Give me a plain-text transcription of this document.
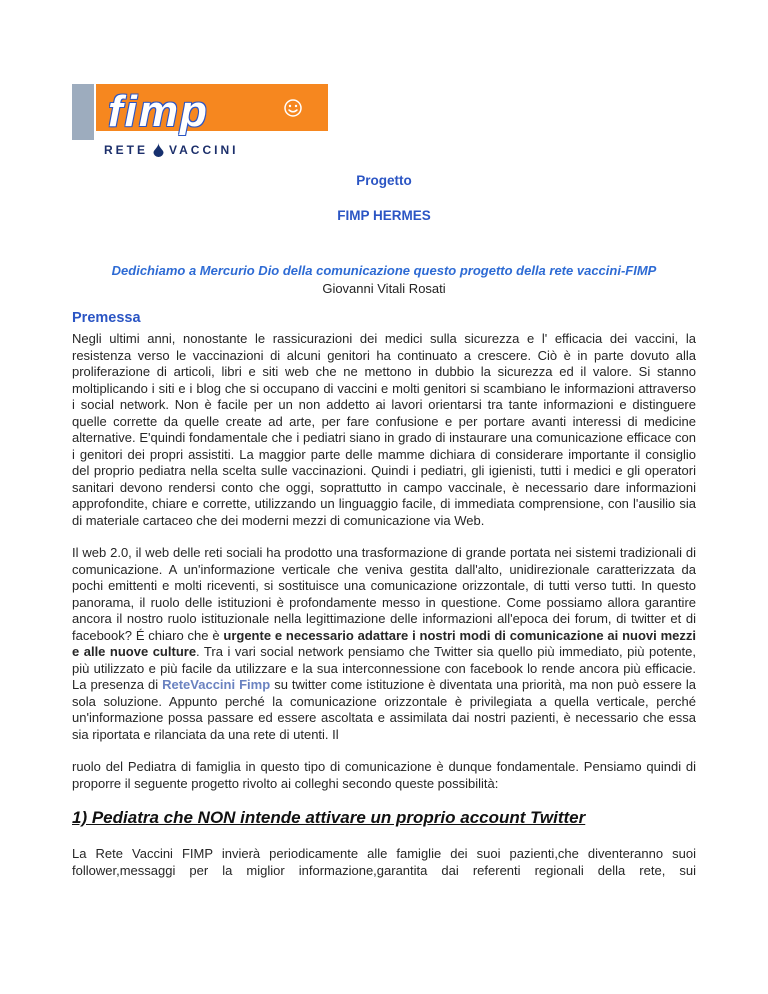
fimp
RETE VACCINI
Progetto
FIMP HERMES

Dedichiamo a Mercurio Dio della comunicazione questo progetto della rete vaccini-FIMP

Giovanni Vitali Rosati

Premessa

Negli ultimi anni, nonostante le rassicurazioni dei medici sulla sicurezza e l' efficacia dei vaccini, la resistenza verso le vaccinazioni di alcuni genitori ha continuato a crescere. Ciò è in parte dovuto alla proliferazione di articoli, libri e siti web che ne mettono in dubbio la sicurezza ed il valore. Si stanno moltiplicando i siti e i blog che si occupano di vaccini e molti genitori si scambiano le informazioni attraverso i social network. Non è facile per un non addetto ai lavori orientarsi tra tante informazioni e distinguere quelle corrette da quelle create ad arte, per fare confusione e per portare avanti interessi di medicine alternative. E'quindi fondamentale che i pediatri siano in grado di instaurare una comunicazione efficace con i genitori dei propri assistiti. La maggior parte delle mamme dichiara di considerare importante il consiglio del proprio pediatra nella scelta sulle vaccinazioni. Quindi i pediatri, gli igienisti, tutti i medici e gli operatori sanitari devono rendersi conto che oggi, soprattutto in campo vaccinale, è necessario dare informazioni approfondite, chiare e corrette, utilizzando un linguaggio facile, di immediata comprensione, con l'ausilio sia di materiale cartaceo che dei moderni mezzi di comunicazione via Web.

Il web 2.0, il web delle reti sociali ha prodotto una trasformazione di grande portata nei sistemi tradizionali di comunicazione. A un'informazione verticale che veniva gestita dall'alto, unidirezionale caratterizzata da pochi emittenti e molti riceventi, si sostituisce una comunicazione orizzontale, di tutti verso tutti. In questo panorama, il ruolo delle istituzioni è profondamente messo in questione. Come possiamo allora garantire ancora il nostro ruolo istituzionale nella legittimazione delle informazioni all'epoca dei forum, di twitter et di facebook? É chiaro che è urgente e necessario adattare i nostri modi di comunicazione ai nuovi mezzi e alle nuove culture. Tra i vari social network pensiamo che Twitter sia quello più immediato, più potente, più utilizzato e più facile da utilizzare e la sua interconnessione con facebook lo rende ancora più efficacie. La presenza di ReteVaccini Fimp su twitter come istituzione è diventata una priorità, ma non può essere la sola soluzione. Appunto perché la comunicazione orizzontale è privilegiata a quella verticale, perché un'informazione possa passare ed essere ascoltata e assimilata dai nostri pazienti, è necessario che essa sia riportata e rilanciata da una rete di utenti. Il

ruolo del Pediatra di famiglia in questo tipo di comunicazione è dunque fondamentale. Pensiamo quindi di proporre il seguente progetto rivolto ai colleghi secondo queste possibilità:

1) Pediatra che NON intende attivare un proprio account Twitter

La Rete Vaccini FIMP invierà periodicamente alle famiglie dei suoi pazienti,che diventeranno suoi follower,messaggi per la miglior informazione,garantita dai referenti regionali della rete, sui
